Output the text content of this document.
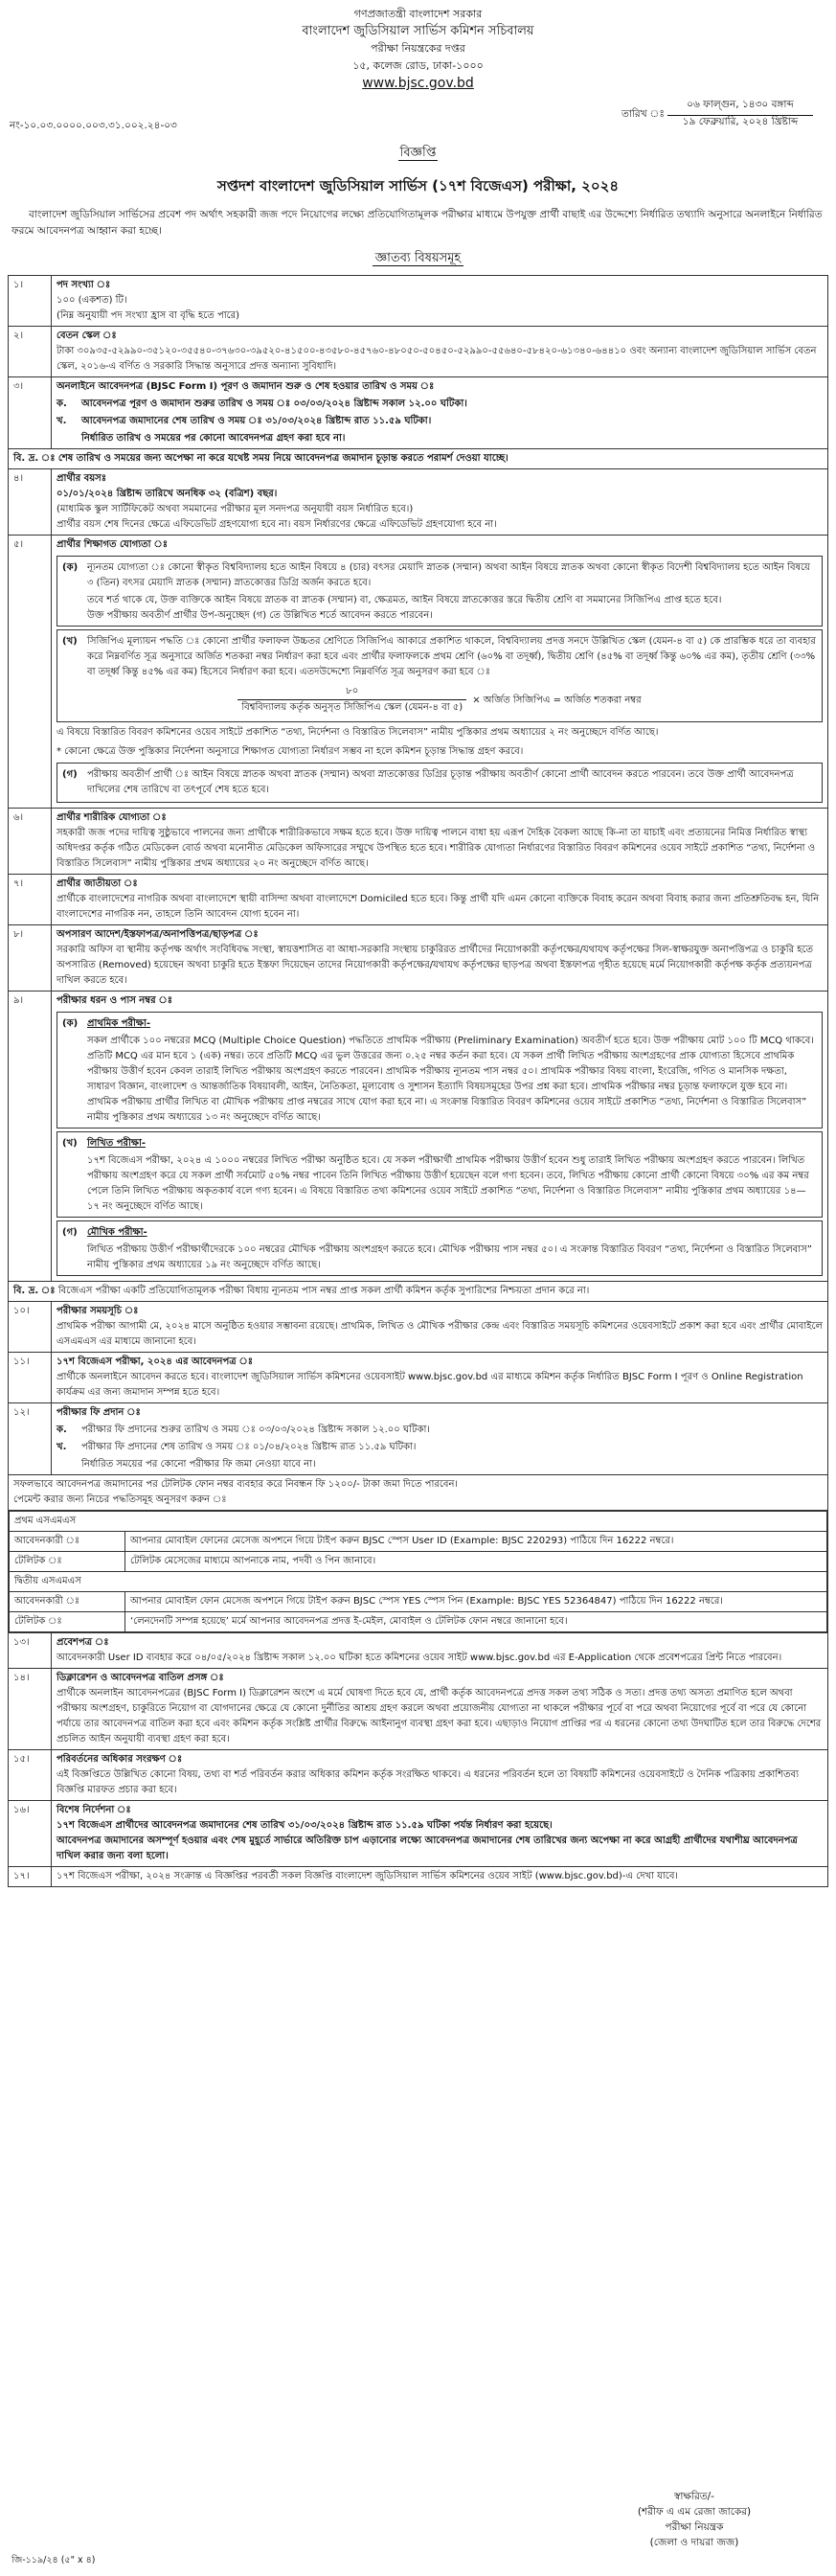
গণপ্রজাতন্ত্রী বাংলাদেশ সরকার
বাংলাদেশ জুডিসিয়াল সার্ভিস কমিশন সচিবালয়
পরীক্ষা নিয়ন্ত্রকের দপ্তর
১৫, কলেজ রোড, ঢাকা-১০০০
www.bjsc.gov.bd
নং-১০.০৩.০০০০.০০৩.৩১.০০২.২৪-০৩
তারিখ ঃ
০৬ ফাল্গুন, ১৪৩০ বঙ্গাব্দ
১৯ ফেব্রুয়ারি, ২০২৪ খ্রিষ্টাব্দ
বিজ্ঞপ্তি
সপ্তদশ বাংলাদেশ জুডিসিয়াল সার্ভিস (১৭শ বিজেএস) পরীক্ষা, ২০২৪
বাংলাদেশ জুডিসিয়াল সার্ভিসের প্রবেশ পদ অর্থাৎ সহকারী জজ পদে নিয়োগের লক্ষ্যে প্রতিযোগিতামূলক পরীক্ষার মাধ্যমে উপযুক্ত প্রার্থী বাছাই এর উদ্দেশ্যে নির্ধারিত তথ্যাদি অনুসারে অনলাইনে নির্ধারিত ফরমে আবেদনপত্র আহ্বান করা হচ্ছে।
জ্ঞাতব্য বিষয়সমূহ
১।	পদ সংখ্যা ঃ
১০০ (একশত) টি।
(নিম্ন অনুযায়ী পদ সংখ্যা হ্রাস বা বৃদ্ধি হতে পারে)

২।	বেতন স্কেল ঃ
টাকা ৩০৯৩৫-৫২৯৯০-৩৫১২০-৩৫৫৪০-৩৭৬৩০-৩৯৫২০-৪১৫০০-৪৩৫৮০-৪৫৭৬০-৪৮০৫০-৫০৪৫০-৫২৯৯০-৫৫৬৪০-৫৮৪২০-৬১৩৪০-৬৪৪১০ ওবং অন্যান্য বাংলাদেশ জুডিসিয়াল সার্ভিস বেতন স্কেল, ২০১৬-এ বর্ণিত ও সরকারি সিদ্ধান্ত অনুসারে প্রদত্ত অন্যান্য সুবিধাদি।

৩।	অনলাইনে আবেদনপত্র (BJSC Form I) পূরণ ও জমাদান শুরু ও শেষ হওয়ার তারিখ ও সময় ঃ
ক.	আবেদনপত্র পূরণ ও জমাদান শুরুর তারিখ ও সময় ঃ ০৩/০৩/২০২৪ খ্রিষ্টাব্দ সকাল ১২.০০ ঘটিকা।
খ.	আবেদনপত্র জমাদানের শেষ তারিখ ও সময় ঃ ৩১/০৩/২০২৪ খ্রিষ্টাব্দ রাত ১১.৫৯ ঘটিকা।
নির্ধারিত তারিখ ও সময়ের পর কোনো আবেদনপত্র গ্রহণ করা হবে না।

বি. দ্র. ঃ শেষ তারিখ ও সময়ের জন্য অপেক্ষা না করে যথেষ্ট সময় নিয়ে আবেদনপত্র জমাদান চূড়ান্ত করতে পরামর্শ দেওয়া যাচ্ছে।
৪।	প্রার্থীর বয়সঃ
০১/০১/২০২৪ খ্রিষ্টাব্দ তারিখে অনধিক ৩২ (বত্রিশ) বছর।
(মাধ্যমিক স্কুল সার্টিফিকেট অথবা সমমানের পরীক্ষার মূল সনদপত্র অনুযায়ী বয়স নির্ধারিত হবে।)
প্রার্থীর বয়স শেষ দিনের ক্ষেত্রে এফিডেভিট গ্রহণযোগ্য হবে না। বয়স নির্ধারণের ক্ষেত্রে এফিডেভিট গ্রহণযোগ্য হবে না।

৫।	প্রার্থীর শিক্ষাগত যোগ্যতা ঃ
(ক) ন্যূনতম যোগ্যতা ঃ কোনো স্বীকৃত বিশ্ববিদ্যালয় হতে আইন বিষয়ে ৪ (চার) বৎসর মেয়াদি স্নাতক (সম্মান) অথবা আইন বিষয়ে স্নাতক অথবা কোনো স্বীকৃত বিদেশী বিশ্ববিদ্যালয় হতে আইন বিষয়ে ৩ (তিন) বৎসর মেয়াদি স্নাতক (সম্মান) স্নাতকোত্তর ডিগ্রি অর্জন করতে হবে।
তবে শর্ত থাকে যে, উক্ত ব্যক্তিকে আইন বিষয়ে স্নাতক বা স্নাতক (সম্মান) বা, ক্ষেত্রমত, আইন বিষয়ে স্নাতকোত্তর স্তরে দ্বিতীয় শ্রেণি বা সমমানের সিজিপিএ প্রাপ্ত হতে হবে।
উক্ত পরীক্ষায় অবতীর্ণ প্রার্থীর উপ-অনুচ্ছেদ (গ) তে উল্লিখিত শর্তে আবেদন করতে পারবেন।
(খ)	সিজিপিএ মূল্যায়ন পদ্ধতি ঃ কোনো প্রার্থীর ফলাফল উচ্চতর শ্রেণিতে সিজিপিএ আকারে প্রকাশিত থাকলে, বিশ্ববিদ্যালয় প্রদত্ত সনদে উল্লিখিত স্কেল (যেমন-৪ বা ৫) কে প্রারম্ভিক ধরে তা ব্যবহার করে নিম্নবর্ণিত সূত্র অনুসারে অর্জিত শতকরা নম্বর নির্ধারণ করা হবে এবং প্রার্থীর ফলাফলকে প্রথম শ্রেণি (৬০% বা তদূর্ধ্ব), দ্বিতীয় শ্রেণি (৪৫% বা তদূর্ধ্ব কিন্তু ৬০% এর কম), তৃতীয় শ্রেণি (৩৩% বা তদূর্ধ্ব কিন্তু ৪৫% এর কম) হিসেবে নির্ধারণ করা হবে। এতদউদ্দেশ্যে নিম্নবর্ণিত সূত্র অনুসরণ করা হবে ঃ
$\frac{৮০}{\text{বিশ্ববিদ্যালয় কর্তৃক অনুসৃত সিজিপিএ স্কেল (যেমন-৪ বা ৫)}}$ × অর্জিত সিজিপিএ = অর্জিত শতকরা নম্বর
এ বিষয়ে বিস্তারিত বিবরণ কমিশনের ওয়েব সাইটে প্রকাশিত “তথ্য, নির্দেশনা ও বিস্তারিত সিলেবাস” নামীয় পুস্তিকার প্রথম অধ্যায়ের ২ নং অনুচ্ছেদে বর্ণিত আছে।
* কোনো ক্ষেত্রে উক্ত পুস্তিকার নির্দেশনা অনুসারে শিক্ষাগত যোগ্যতা নির্ধারণ সম্ভব না হলে কমিশন চূড়ান্ত সিদ্ধান্ত গ্রহণ করবে।
(গ)	পরীক্ষায় অবতীর্ণ প্রার্থী ঃ আইন বিষয়ে স্নাতক অথবা স্নাতক (সম্মান) অথবা স্নাতকোত্তর ডিগ্রির চূড়ান্ত পরীক্ষায় অবতীর্ণ কোনো প্রার্থী আবেদন করতে পারবেন। তবে উক্ত প্রার্থী আবেদনপত্র দাখিলের শেষ তারিখে বা তৎপূর্বে শেষ হতে হবে।

৬।	প্রার্থীর শারীরিক যোগ্যতা ঃ
সহকারী জজ পদের দায়িত্ব সুষ্ঠুভাবে পালনের জন্য প্রার্থীকে শারীরিকভাবে সক্ষম হতে হবে। উক্ত দায়িত্ব পালনে বাধা হয় এরূপ দৈহিক বৈকল্য আছে কি-না তা যাচাই এবং প্রত্যয়নের নিমিত্ত নির্ধারিত স্বাস্থ্য অধিদপ্তর কর্তৃক গঠিত মেডিকেল বোর্ড অথবা মনোনীত মেডিকেল অফিসারের সম্মুখে উপস্থিত হতে হবে। শারীরিক যোগ্যতা নির্ধারণের বিস্তারিত বিবরণ কমিশনের ওয়েব সাইটে প্রকাশিত “তথ্য, নির্দেশনা ও বিস্তারিত সিলেবাস” নামীয় পুস্তিকার প্রথম অধ্যায়ের ২০ নং অনুচ্ছেদে বর্ণিত আছে।

৭।	প্রার্থীর জাতীয়তা ঃ
প্রার্থীকে বাংলাদেশের নাগরিক অথবা বাংলাদেশে স্থায়ী বাসিন্দা অথবা বাংলাদেশে Domiciled হতে হবে। কিন্তু প্রার্থী যদি এমন কোনো ব্যক্তিকে বিবাহ করেন অথবা বিবাহ করার জন্য প্রতিশ্রুতিবদ্ধ হন, যিনি বাংলাদেশের নাগরিক নন, তাহলে তিনি আবেদন যোগ্য হবেন না।

৮।	অপসারণ আদেশ/ইস্তফাপত্র/অনাপত্তিপত্র/ছাড়পত্র ঃ
সরকারি অফিস বা স্থানীয় কর্তৃপক্ষ অর্থাৎ সংবিধিবদ্ধ সংস্থা, স্বায়ত্তশাসিত বা আধা-সরকারি সংস্থায় চাকুরিরত প্রার্থীদের নিয়োগকারী কর্তৃপক্ষের/যথাযথ কর্তৃপক্ষের সিল-স্বাক্ষরযুক্ত অনাপত্তিপত্র ও চাকুরি হতে অপসারিত (Removed) হয়েছেন অথবা চাকুরি হতে ইস্তফা দিয়েছেন তাদের নিয়োগকারী কর্তৃপক্ষের/যথাযথ কর্তৃপক্ষের ছাড়পত্র অথবা ইস্তফাপত্র গৃহীত হয়েছে মর্মে নিয়োগকারী কর্তৃপক্ষ কর্তৃক প্রত্যয়নপত্র দাখিল করতে হবে।

৯।	পরীক্ষার ধরন ও পাস নম্বর ঃ
(ক) প্রাথমিক পরীক্ষা-
সকল প্রার্থীকে ১০০ নম্বরের MCQ (Multiple Choice Question) পদ্ধতিতে প্রাথমিক পরীক্ষায় (Preliminary Examination) অবতীর্ণ হতে হবে। উক্ত পরীক্ষায় মোট ১০০ টি MCQ থাকবে। প্রতিটি MCQ এর মান হবে ১ (এক) নম্বর। তবে প্রতিটি MCQ এর ভুল উত্তরের জন্য ০.২৫ নম্বর কর্তন করা হবে। যে সকল প্রার্থী লিখিত পরীক্ষায় অংশগ্রহণের প্রাক যোগ্যতা হিসেবে প্রাথমিক পরীক্ষায় উত্তীর্ণ হবেন কেবল তারাই লিখিত পরীক্ষায় অংশগ্রহণ করতে পারবেন। প্রাথমিক পরীক্ষায় ন্যূনতম পাস নম্বর ৫০। প্রাথমিক পরীক্ষার বিষয় বাংলা, ইংরেজি, গণিত ও মানসিক দক্ষতা, সাধারণ বিজ্ঞান, বাংলাদেশ ও আন্তর্জাতিক বিষয়াবলী, আইন, নৈতিকতা, মূল্যবোধ ও সুশাসন ইত্যাদি বিষয়সমূহের উপর প্রশ্ন করা হবে। প্রাথমিক পরীক্ষার নম্বর চূড়ান্ত ফলাফলে যুক্ত হবে না। প্রাথমিক পরীক্ষায় প্রার্থীর লিখিত বা মৌখিক পরীক্ষায় প্রাপ্ত নম্বরের সাথে যোগ করা হবে না। এ সংক্রান্ত বিস্তারিত বিবরণ কমিশনের ওয়েব সাইটে প্রকাশিত “তথ্য, নির্দেশনা ও বিস্তারিত সিলেবাস” নামীয় পুস্তিকার প্রথম অধ্যায়ের ১৩ নং অনুচ্ছেদে বর্ণিত আছে।
(খ)	লিখিত পরীক্ষা-
১৭শ বিজেএস পরীক্ষা, ২০২৪ এ ১০০০ নম্বরের লিখিত পরীক্ষা অনুষ্ঠিত হবে। যে সকল পরীক্ষার্থী প্রাথমিক পরীক্ষায় উত্তীর্ণ হবেন শুধু তারাই লিখিত পরীক্ষায় অংশগ্রহণ করতে পারবেন। লিখিত পরীক্ষায় অংশগ্রহণ করে যে সকল প্রার্থী সর্বমোট ৫০% নম্বর পাবেন তিনি লিখিত পরীক্ষায় উত্তীর্ণ হয়েছেন বলে গণ্য হবেন। তবে, লিখিত পরীক্ষায় কোনো প্রার্থী কোনো বিষয়ে ৩০% এর কম নম্বর পেলে তিনি লিখিত পরীক্ষায় অকৃতকার্য বলে গণ্য হবেন। এ বিষয়ে বিস্তারিত তথ্য কমিশনের ওয়েব সাইটে প্রকাশিত “তথ্য, নির্দেশনা ও বিস্তারিত সিলেবাস” নামীয় পুস্তিকার প্রথম অধ্যায়ের ১৪—১৭ নং অনুচ্ছেদে বর্ণিত আছে।
(গ)	মৌখিক পরীক্ষা-
লিখিত পরীক্ষায় উত্তীর্ণ পরীক্ষার্থীদেরকে ১০০ নম্বরের মৌখিক পরীক্ষায় অংশগ্রহণ করতে হবে। মৌখিক পরীক্ষায় পাস নম্বর ৫০। এ সংক্রান্ত বিস্তারিত বিবরণ “তথ্য, নির্দেশনা ও বিস্তারিত সিলেবাস” নামীয় পুস্তিকার প্রথম অধ্যায়ের ১৯ নং অনুচ্ছেদে বর্ণিত আছে।

বি. দ্র. ঃ বিজেএস পরীক্ষা একটি প্রতিযোগিতামূলক পরীক্ষা বিধায় ন্যূনতম পাস নম্বর প্রাপ্ত সকল প্রার্থী কমিশন কর্তৃক সুপারিশের নিশ্চয়তা প্রদান করে না।
১০।	পরীক্ষার সময়সূচি ঃ
প্রাথমিক পরীক্ষা আগামী মে, ২০২৪ মাসে অনুষ্ঠিত হওয়ার সম্ভাবনা রয়েছে। প্রাথমিক, লিখিত ও মৌখিক পরীক্ষার কেন্দ্র এবং বিস্তারিত সময়সূচি কমিশনের ওয়েবসাইটে প্রকাশ করা হবে এবং প্রার্থীর মোবাইলে এসএমএস এর মাধ্যমে জানানো হবে।

১১।	১৭শ বিজেএস পরীক্ষা, ২০২৪ এর আবেদনপত্র ঃ
প্রার্থীকে অনলাইনে আবেদন করতে হবে। বাংলাদেশ জুডিসিয়াল সার্ভিস কমিশনের ওয়েবসাইট www.bjsc.gov.bd এর মাধ্যমে কমিশন কর্তৃক নির্ধারিত BJSC Form I পূরণ ও Online Registration কার্যক্রম এর জন্য জমাদান সম্পন্ন হতে হবে।

১২।	পরীক্ষার ফি প্রদান ঃ
ক.	পরীক্ষার ফি প্রদানের শুরুর তারিখ ও সময় ঃ ০৩/০৩/২০২৪ খ্রিষ্টাব্দ সকাল ১২.০০ ঘটিকা।
খ.	পরীক্ষার ফি প্রদানের শেষ তারিখ ও সময় ঃ ০১/০৪/২০২৪ খ্রিষ্টাব্দ রাত ১১.৫৯ ঘটিকা।
নির্ধারিত সময়ের পর কোনো পরীক্ষার ফি জমা নেওয়া যাবে না।

সফলভাবে আবেদনপত্র জমাদানের পর টেলিটক ফোন নম্বর ব্যবহার করে নিবন্ধন ফি ১২০০/- টাকা জমা দিতে পারবেন।
পেমেন্ট করার জন্য নিচের পদ্ধতিসমূহ অনুসরণ করুন ঃ

প্রথম এসএমএস
আবেদনকারী ঃ	আপনার মোবাইল ফোনের মেসেজ অপশনে গিয়ে টাইপ করুন BJSC স্পেস User ID (Example: BJSC 220293) পাঠিয়ে দিন 16222 নম্বরে।
টেলিটক ঃ	টেলিটক মেসেজের মাধ্যমে আপনাকে নাম, পদবী ও পিন জানাবে।
দ্বিতীয় এসএমএস
আবেদনকারী ঃ	আপনার মোবাইল ফোন মেসেজ অপশনে গিয়ে টাইপ করুন BJSC স্পেস YES স্পেস পিন (Example: BJSC YES 52364847) পাঠিয়ে দিন 16222 নম্বরে।
টেলিটক ঃ	‘লেনদেনটি সম্পন্ন হয়েছে’ মর্মে আপনার আবেদনপত্র প্রদত্ত ই-মেইল, মোবাইল ও টেলিটক ফোন নম্বরে জানানো হবে।

১৩।	প্রবেশপত্র ঃ
আবেদনকারী User ID ব্যবহার করে ০৪/০৫/২০২৪ খ্রিষ্টাব্দ সকাল ১২.০০ ঘটিকা হতে কমিশনের ওয়েব সাইট www.bjsc.gov.bd এর E-Application থেকে প্রবেশপত্রের প্রিন্ট নিতে পারবেন।

১৪।	ডিক্লারেশন ও আবেদনপত্র বাতিল প্রসঙ্গ ঃ
প্রার্থীকে অনলাইন আবেদনপত্রের (BJSC Form I) ডিক্লারেশন অংশে এ মর্মে ঘোষণা দিতে হবে যে, প্রার্থী কর্তৃক আবেদনপত্রে প্রদত্ত সকল তথ্য সঠিক ও সত্য। প্রদত্ত তথ্য অসত্য প্রমাণিত হলে অথবা পরীক্ষায় অংশগ্রহণ, চাকুরিতে নিয়োগ বা যোগদানের ক্ষেত্রে যে কোনো দুর্নীতির আশ্রয় গ্রহণ করলে অথবা প্রয়োজনীয় যোগ্যতা না থাকলে পরীক্ষার পূর্বে বা পরে অথবা নিয়োগের পূর্বে বা পরে যে কোনো পর্যায়ে তার আবেদনপত্র বাতিল করা হবে এবং কমিশন কর্তৃক সংশ্লিষ্ট প্রার্থীর বিরুদ্ধে আইনানুগ ব্যবস্থা গ্রহণ করা হবে। এছাড়াও নিয়োগ প্রাপ্তির পর এ ধরনের কোনো তথ্য উদঘাটিত হলে তার বিরুদ্ধে দেশের প্রচলিত আইন অনুযায়ী ব্যবস্থা গ্রহণ করা হবে।

১৫।	পরিবর্তনের অধিকার সংরক্ষণ ঃ
এই বিজ্ঞপ্তিতে উল্লিখিত কোনো বিষয়, তথ্য বা শর্ত পরিবর্তন করার অধিকার কমিশন কর্তৃক সংরক্ষিত থাকবে। এ ধরনের পরিবর্তন হলে তা বিষয়টি কমিশনের ওয়েবসাইটে ও দৈনিক পত্রিকায় প্রকাশিতব্য বিজ্ঞপ্তি মারফত প্রচার করা হবে।

১৬।	বিশেষ নির্দেশনা ঃ
১৭শ বিজেএস প্রার্থীদের আবেদনপত্র জমাদানের শেষ তারিখ ৩১/০৩/২০২৪ খ্রিষ্টাব্দ রাত ১১.৫৯ ঘটিকা পর্যন্ত নির্ধারণ করা হয়েছে।
আবেদনপত্র জমাদানের অসম্পূর্ণ হওয়ার এবং শেষ মুহূর্তে সার্ভারে অতিরিক্ত চাপ এড়ানোর লক্ষ্যে আবেদনপত্র জমাদানের শেষ তারিখের জন্য অপেক্ষা না করে আগ্রহী প্রার্থীদের যথাশীঘ্র আবেদনপত্র দাখিল করার জন্য বলা হলো।

১৭।	১৭শ বিজেএস পরীক্ষা, ২০২৪ সংক্রান্ত এ বিজ্ঞপ্তির পরবর্তী সকল বিজ্ঞপ্তি বাংলাদেশ জুডিসিয়াল সার্ভিস কমিশনের ওয়েব সাইট (www.bjsc.gov.bd)-এ দেখা যাবে।
স্বাক্ষরিত/-
(শরীফ এ এম রেজা জাকের)
পরীক্ষা নিয়ন্ত্রক
(জেলা ও দায়রা জজ)
জি-১১৯/২৪ (৫" x ৪)
